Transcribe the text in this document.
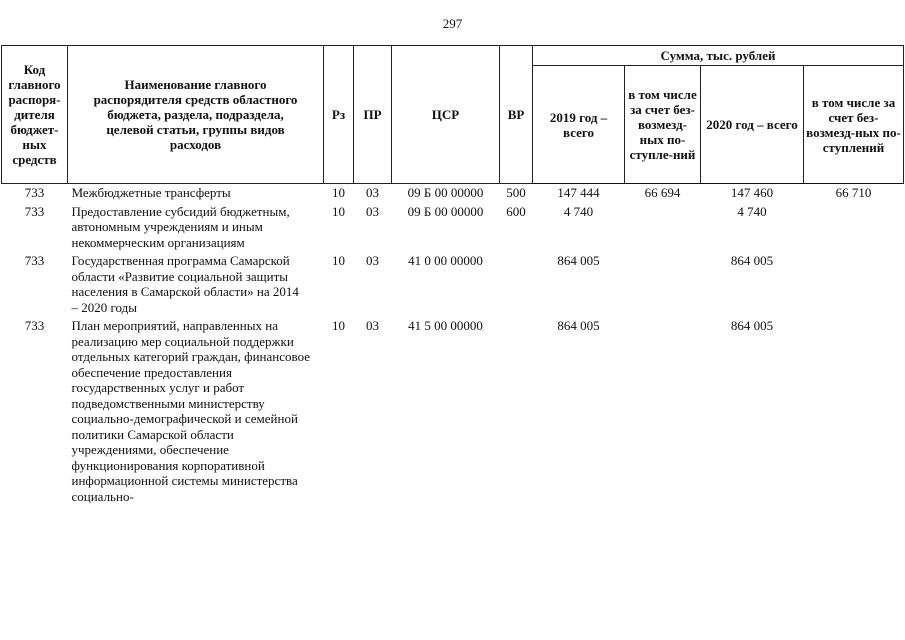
297
Код главного распоря-дителя бюджет-ных средств	Наименование главного распорядителя средств областного бюджета, раздела, подраздела, целевой статьи, группы видов расходов	Рз	ПР	ЦСР	ВР	Сумма, тыс. рублей			
						2019 год – всего	в том числе за счет без-возмезд-ных по-ступле-ний	2020 год – всего	в том числе за счет без-возмезд-ных по-ступлений
733	Межбюджетные трансферты	10	03	09 Б 00 00000	500	147 444	66 694	147 460	66 710
733	Предоставление субсидий бюджетным, автономным учреждениям и иным некоммерческим организациям	10	03	09 Б 00 00000	600	4 740		4 740	
733	Государственная программа Самарской области «Развитие социальной защиты населения в Самарской области» на 2014 – 2020 годы	10	03	41 0 00 00000		864 005		864 005	
733	План мероприятий, направленных на реализацию мер социальной поддержки отдельных категорий граждан, финансовое обеспечение предоставления государственных услуг и работ подведомственными министерству социально-демографической и семейной политики Самарской области учреждениями, обеспечение функционирования корпоративной информационной системы министерства социально-	10	03	41 5 00 00000		864 005		864 005	
